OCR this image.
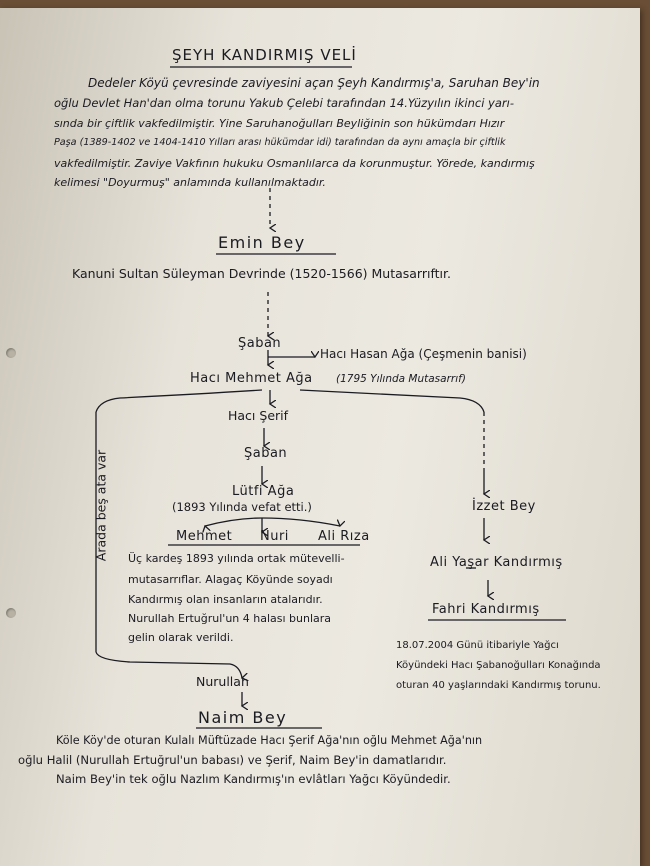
ŞEYH KANDIRMIŞ VELİ
Dedeler Köyü çevresinde zaviyesini açan Şeyh Kandırmış'a, Saruhan Bey'in
oğlu Devlet Han'dan olma torunu Yakub Çelebi tarafından 14.Yüzyılın ikinci yarı-
sında bir çiftlik vakfedilmiştir. Yine Saruhanoğulları Beyliğinin son hükümdarı Hızır
Paşa (1389-1402 ve 1404-1410 Yılları arası hükümdar idi) tarafından da aynı amaçla bir çiftlik
vakfedilmiştir. Zaviye Vakfının hukuku Osmanlılarca da korunmuştur. Yörede, kandırmış
kelimesi "Doyurmuş" anlamında kullanılmaktadır.
Emin Bey
Kanuni Sultan Süleyman Devrinde (1520-1566) Mutasarrıftır.
Şaban
Hacı Hasan Ağa (Çeşmenin banisi)
Hacı Mehmet Ağa (1795 Yılında Mutasarrıf)
Hacı Şerif
Şaban
Lütfi Ağa
(1893 Yılında vefat etti.)
Mehmet Nuri Ali Rıza
Üç kardeş 1893 yılında ortak mütevelli-
mutasarrıflar. Alagaç Köyünde soyadı
Kandırmış olan insanların atalarıdır.
Nurullah Ertuğrul'un 4 halası bunlara
gelin olarak verildi.
Arada beş ata var	İzzet Bey
Ali Yaşar Kandırmış
Fahri Kandırmış
18.07.2004 Günü itibariyle Yağcı
Köyündeki Hacı Şabanoğulları Konağında
oturan 40 yaşlarındaki Kandırmış torunu.
Nurullah
Naim Bey
Köle Köy'de oturan Kulalı Müftüzade Hacı Şerif Ağa'nın oğlu Mehmet Ağa'nın
oğlu Halil (Nurullah Ertuğrul'un babası) ve Şerif, Naim Bey'in damatlarıdır.
Naim Bey'in tek oğlu Nazlım Kandırmış'ın evlâtları Yağcı Köyündedir.
